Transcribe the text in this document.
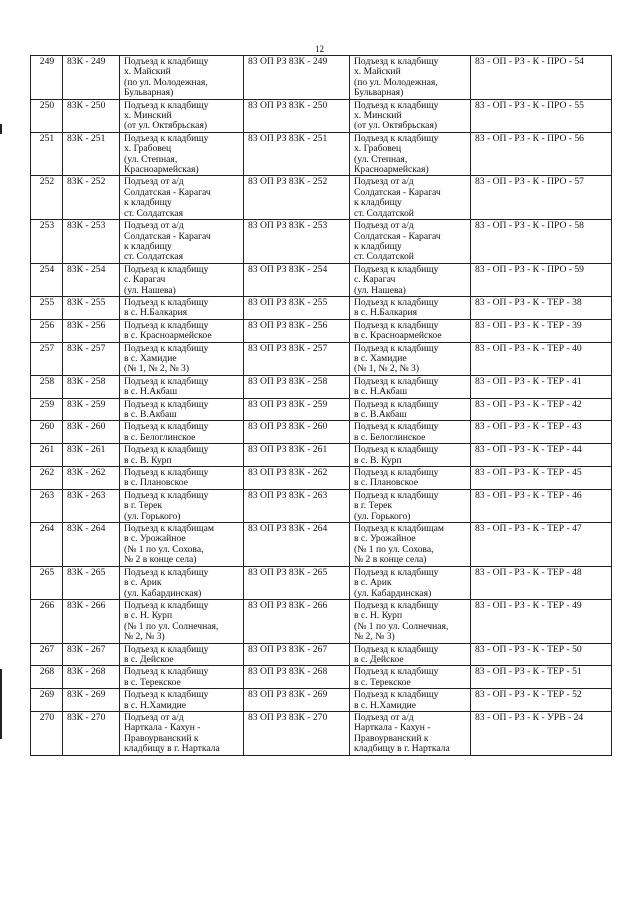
12
249	83К - 249	Подъезд к кладбищу
х. Майский
(по ул. Молодежная,
Бульварная)	83 ОП РЗ 83К - 249	Подъезд к кладбищу
х. Майский
(по ул. Молодежная,
Бульварная)	83 - ОП - РЗ - К - ПРО - 54
250	83К - 250	Подъезд к кладбищу
х. Минский
(от ул. Октябрьская)	83 ОП РЗ 83К - 250	Подъезд к кладбищу
х. Минский
(от ул. Октябрьская)	83 - ОП - РЗ - К - ПРО - 55
251	83К - 251	Подъезд к кладбищу
х. Грабовец
(ул. Степная,
Красноармейская)	83 ОП РЗ 83К - 251	Подъезд к кладбищу
х. Грабовец
(ул. Степная,
Красноармейская)	83 - ОП - РЗ - К - ПРО - 56
252	83К - 252	Подъезд от а/д
Солдатская - Карагач
к кладбищу
ст. Солдатская	83 ОП РЗ 83К - 252	Подъезд от а/д
Солдатская - Карагач
к кладбищу
ст. Солдатской	83 - ОП - РЗ - К - ПРО - 57
253	83К - 253	Подъезд от а/д
Солдатская - Карагач
к кладбищу
ст. Солдатская	83 ОП РЗ 83К - 253	Подъезд от а/д
Солдатская - Карагач
к кладбищу
ст. Солдатской	83 - ОП - РЗ - К - ПРО - 58
254	83К - 254	Подъезд к кладбищу
с. Карагач
(ул. Нашева)	83 ОП РЗ 83К - 254	Подъезд к кладбищу
с. Карагач
(ул. Нашева)	83 - ОП - РЗ - К - ПРО - 59
255	83К - 255	Подъезд к кладбищу
в с. Н.Балкария	83 ОП РЗ 83К - 255	Подъезд к кладбищу
в с. Н.Балкария	83 - ОП - РЗ - К - ТЕР - 38
256	83К - 256	Подъезд к кладбищу
в с. Красноармейское	83 ОП РЗ 83К - 256	Подъезд к кладбищу
в с. Красноармейское	83 - ОП - РЗ - К - ТЕР - 39
257	83К - 257	Подъезд к кладбищу
в с. Хамидие
(№ 1, № 2, № 3)	83 ОП РЗ 83К - 257	Подъезд к кладбищу
в с. Хамидие
(№ 1, № 2, № 3)	83 - ОП - РЗ - К - ТЕР - 40
258	83К - 258	Подъезд к кладбищу
в с. Н.Акбаш	83 ОП РЗ 83К - 258	Подъезд к кладбищу
в с. Н.Акбаш	83 - ОП - РЗ - К - ТЕР - 41
259	83К - 259	Подъезд к кладбищу
в с. В.Акбаш	83 ОП РЗ 83К - 259	Подъезд к кладбищу
в с. В.Акбаш	83 - ОП - РЗ - К - ТЕР - 42
260	83К - 260	Подъезд к кладбищу
в с. Белоглинское	83 ОП РЗ 83К - 260	Подъезд к кладбищу
в с. Белоглинское	83 - ОП - РЗ - К - ТЕР - 43
261	83К - 261	Подъезд к кладбищу
в с. В. Курп	83 ОП РЗ 83К - 261	Подъезд к кладбищу
в с. В. Курп	83 - ОП - РЗ - К - ТЕР - 44
262	83К - 262	Подъезд к кладбищу
в с. Плановское	83 ОП РЗ 83К - 262	Подъезд к кладбищу
в с. Плановское	83 - ОП - РЗ - К - ТЕР - 45
263	83К - 263	Подъезд к кладбищу
в г. Терек
(ул. Горького)	83 ОП РЗ 83К - 263	Подъезд к кладбищу
в г. Терек
(ул. Горького)	83 - ОП - РЗ - К - ТЕР - 46
264	83К - 264	Подъезд к кладбищам
в с. Урожайное
(№ 1 по ул. Сохова,
№ 2 в конце села)	83 ОП РЗ 83К - 264	Подъезд к кладбищам
в с. Урожайное
(№ 1 по ул. Сохова,
№ 2 в конце села)	83 - ОП - РЗ - К - ТЕР - 47
265	83К - 265	Подъезд к кладбищу
в с. Арик
(ул. Кабардинская)	83 ОП РЗ 83К - 265	Подъезд к кладбищу
в с. Арик
(ул. Кабардинская)	83 - ОП - РЗ - К - ТЕР - 48
266	83К - 266	Подъезд к кладбищу
в с. Н. Курп
(№ 1 по ул. Солнечная,
№ 2, № 3)	83 ОП РЗ 83К - 266	Подъезд к кладбищу
в с. Н. Курп
(№ 1 по ул. Солнечная,
№ 2, № 3)	83 - ОП - РЗ - К - ТЕР - 49
267	83К - 267	Подъезд к кладбищу
в с. Дейское	83 ОП РЗ 83К - 267	Подъезд к кладбищу
в с. Дейское	83 - ОП - РЗ - К - ТЕР - 50
268	83К - 268	Подъезд к кладбищу
в с. Терекское	83 ОП РЗ 83К - 268	Подъезд к кладбищу
в с. Терекское	83 - ОП - РЗ - К - ТЕР - 51
269	83К - 269	Подъезд к кладбищу
в с. Н.Хамидие	83 ОП РЗ 83К - 269	Подъезд к кладбищу
в с. Н.Хамидие	83 - ОП - РЗ - К - ТЕР - 52
270	83К - 270	Подъезд от а/д
Нарткала - Кахун -
Правоурванский к
кладбищу в г. Нарткала	83 ОП РЗ 83К - 270	Подъезд от а/д
Нарткала - Кахун -
Правоурванский к
кладбищу в г. Нарткала	83 - ОП - РЗ - К - УРВ - 24
